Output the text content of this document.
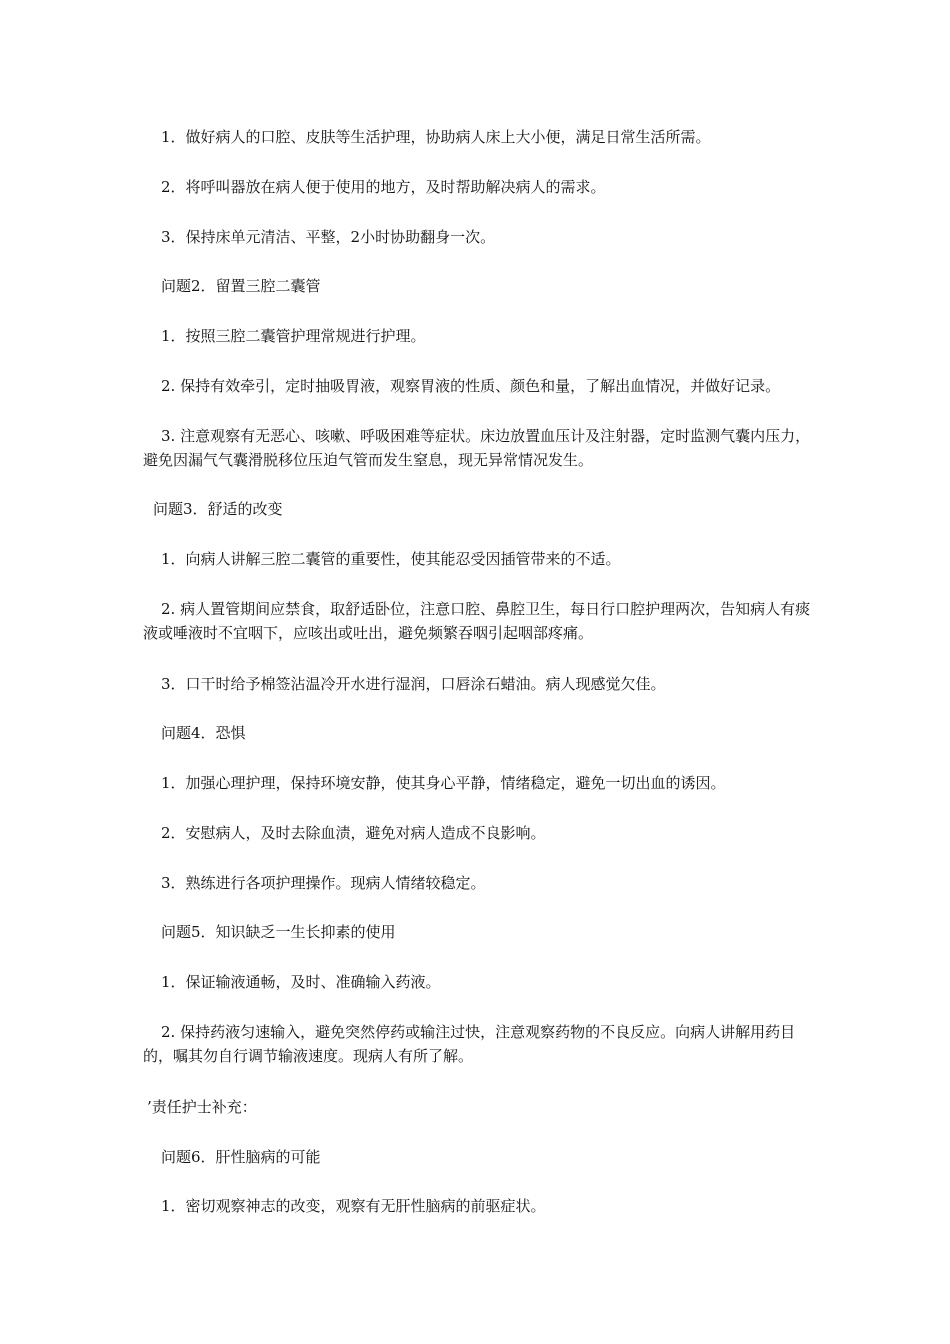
1．做好病人的口腔、皮肤等生活护理，协助病人床上大小便，满足日常生活所需。

2．将呼叫器放在病人便于使用的地方，及时帮助解决病人的需求。

3．保持床单元清洁、平整，2小时协助翻身一次。

问题2．留置三腔二囊管

1．按照三腔二囊管护理常规进行护理。

2. 保持有效牵引，定时抽吸胃液，观察胃液的性质、颜色和量，了解出血情况，并做好记录。

3. 注意观察有无恶心、咳嗽、呼吸困难等症状。床边放置血压计及注射器，定时监测气囊内压力，避免因漏气气囊滑脱移位压迫气管而发生窒息，现无异常情况发生。

问题3．舒适的改变

1．向病人讲解三腔二囊管的重要性，使其能忍受因插管带来的不适。

2. 病人置管期间应禁食，取舒适卧位，注意口腔、鼻腔卫生，每日行口腔护理两次，告知病人有痰液或唾液时不宜咽下，应咳出或吐出，避免频繁吞咽引起咽部疼痛。

3．口干时给予棉签沾温冷开水进行湿润，口唇涂石蜡油。病人现感觉欠佳。

问题4．恐惧

1．加强心理护理，保持环境安静，使其身心平静，情绪稳定，避免一切出血的诱因。

2．安慰病人，及时去除血渍，避免对病人造成不良影响。

3．熟练进行各项护理操作。现病人情绪较稳定。

问题5．知识缺乏一生长抑素的使用

1．保证输液通畅，及时、准确输入药液。

2. 保持药液匀速输入，避免突然停药或输注过快，注意观察药物的不良反应。向病人讲解用药目的，嘱其勿自行调节输液速度。现病人有所了解。

’责任护士补充：

问题6．肝性脑病的可能

1．密切观察神志的改变，观察有无肝性脑病的前驱症状。
